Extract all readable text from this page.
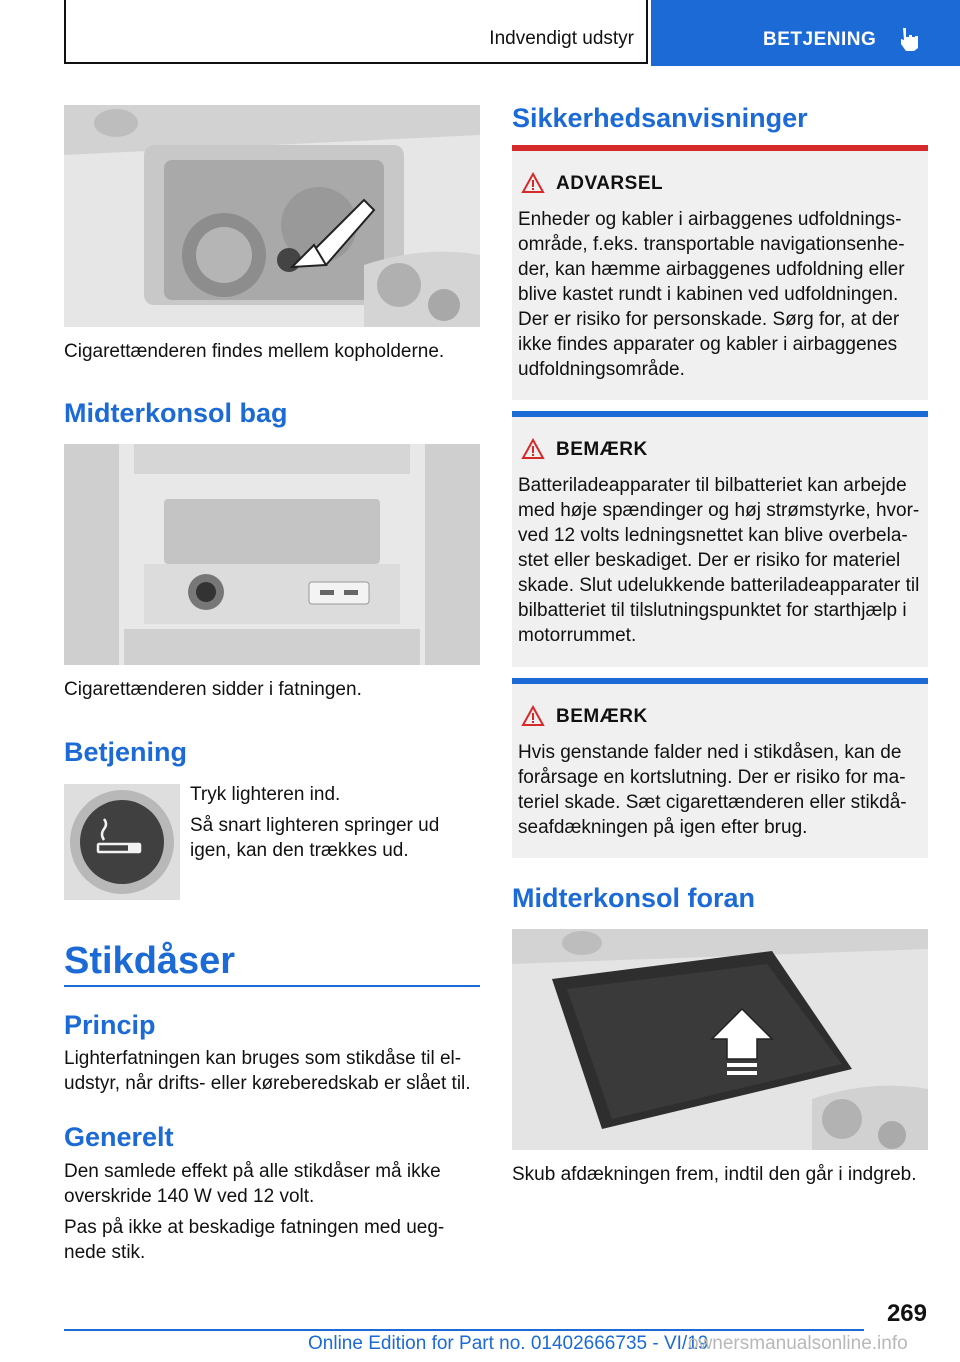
Indvendigt udstyr	BETJENING
Cigarettænderen findes mellem kopholderne.
Midterkonsol bag
Cigarettænderen sidder i fatningen.
Betjening
Tryk lighteren ind.
Så snart lighteren springer ud
igen, kan den trækkes ud.
Stikdåser
Princip
Lighterfatningen kan bruges som stikdåse til el-
udstyr, når drifts- eller køreberedskab er slået til.
Generelt
Den samlede effekt på alle stikdåser må ikke
overskride 140 W ved 12 volt.
Pas på ikke at beskadige fatningen med ueg-
nede stik.
Sikkerhedsanvisninger
ADVARSEL
Enheder og kabler i airbaggenes udfoldnings-
område, f.eks. transportable navigationsenhe-
der, kan hæmme airbaggenes udfoldning eller
blive kastet rundt i kabinen ved udfoldningen.
Der er risiko for personskade. Sørg for, at der
ikke findes apparater og kabler i airbaggenes
udfoldningsområde.
BEMÆRK
Batteriladeapparater til bilbatteriet kan arbejde
med høje spændinger og høj strømstyrke, hvor-
ved 12 volts ledningsnettet kan blive overbela-
stet eller beskadiget. Der er risiko for materiel
skade. Slut udelukkende batteriladeapparater til
bilbatteriet til tilslutningspunktet for starthjælp i
motorrummet.
BEMÆRK
Hvis genstande falder ned i stikdåsen, kan de
forårsage en kortslutning. Der er risiko for ma-
teriel skade. Sæt cigarettænderen eller stikdå-
seafdækningen på igen efter brug.
Midterkonsol foran
Skub afdækningen frem, indtil den går i indgreb.
269
Online Edition for Part no. 01402666735 - VI/19
ownersmanualsonline.info
